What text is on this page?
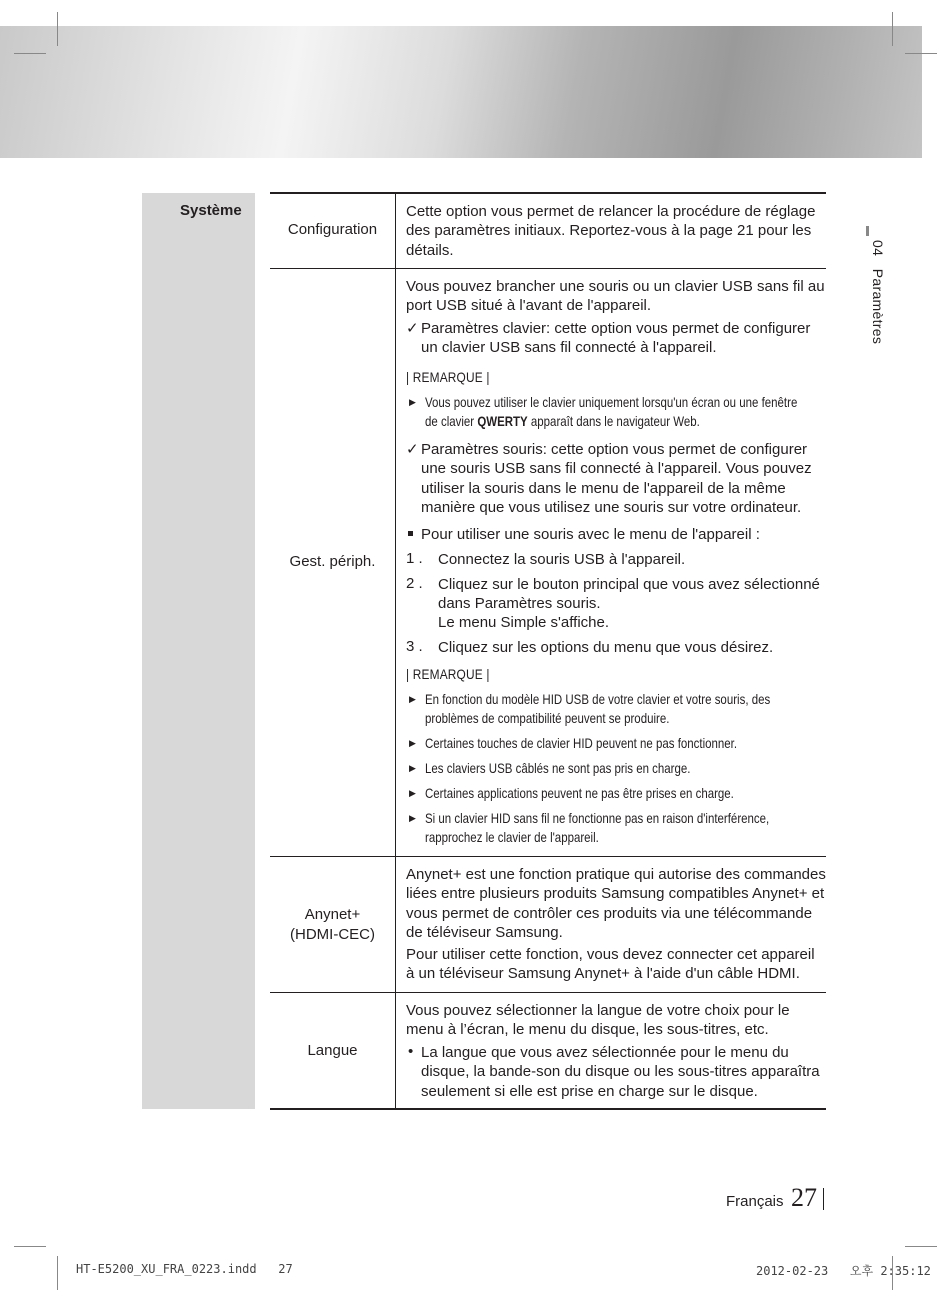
Système
Configuration
Cette option vous permet de relancer la procédure de réglage des paramètres initiaux. Reportez-vous à la page 21 pour les détails.
Gest. périph.
Vous pouvez brancher une souris ou un clavier USB sans fil au port USB situé à l'avant de l'appareil.
✓ Paramètres clavier: cette option vous permet de configurer un clavier USB sans fil connecté à l'appareil.
| REMARQUE |
▶ Vous pouvez utiliser le clavier uniquement lorsqu'un écran ou une fenêtre de clavier QWERTY apparaît dans le navigateur Web.
✓ Paramètres souris: cette option vous permet de configurer une souris USB sans fil connecté à l'appareil. Vous pouvez utiliser la souris dans le menu de l'appareil de la même manière que vous utilisez une souris sur votre ordinateur.
Pour utiliser une souris avec le menu de l'appareil :
1 . Connectez la souris USB à l'appareil.
2 . Cliquez sur le bouton principal que vous avez sélectionné
dans Paramètres souris.
Le menu Simple s'affiche.
3 . Cliquez sur les options du menu que vous désirez.
| REMARQUE |
▶ En fonction du modèle HID USB de votre clavier et votre souris, des problèmes de compatibilité peuvent se produire.
▶ Certaines touches de clavier HID peuvent ne pas fonctionner.
▶ Les claviers USB câblés ne sont pas pris en charge.
▶ Certaines applications peuvent ne pas être prises en charge.
▶ Si un clavier HID sans fil ne fonctionne pas en raison d'interférence, rapprochez le clavier de l'appareil.
Anynet+
(HDMI-CEC)

Anynet+ est une fonction pratique qui autorise des commandes liées entre plusieurs produits Samsung compatibles Anynet+ et vous permet de contrôler ces produits via une télécommande de téléviseur Samsung.

Pour utiliser cette fonction, vous devez connecter cet appareil à un téléviseur Samsung Anynet+ à l'aide d'un câble HDMI.

Langue
Vous pouvez sélectionner la langue de votre choix pour le menu à l’écran, le menu du disque, les sous-titres, etc.
• La langue que vous avez sélectionnée pour le menu du disque, la bande-son du disque ou les sous-titres apparaîtra seulement si elle est prise en charge sur le disque.
04   Paramètres
Français 27
HT-E5200_XU_FRA_0223.indd   27	2012-02-23   오후 2:35:12
